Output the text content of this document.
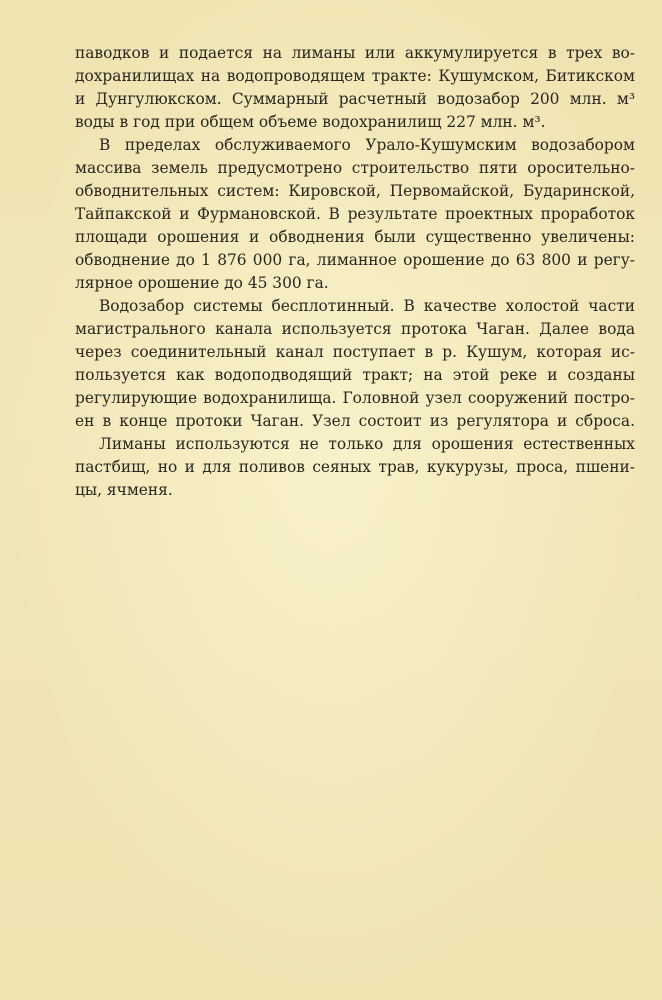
паводков и подается на лиманы или аккумулируется в трех во-
дохранилищах на водопроводящем тракте: Кушумском, Битикском
и Дунгулюкском. Суммарный расчетный водозабор 200 млн. м³
воды в год при общем объеме водохранилищ 227 млн. м³.
В пределах обслуживаемого Урало-Кушумским водозабором
массива земель предусмотрено строительство пяти оросительно-
обводнительных систем: Кировской, Первомайской, Бударинской,
Тайпакской и Фурмановской. В результате проектных проработок
площади орошения и обводнения были существенно увеличены:
обводнение до 1 876 000 га, лиманное орошение до 63 800 и регу-
лярное орошение до 45 300 га.
Водозабор системы бесплотинный. В качестве холостой части
магистрального канала используется протока Чаган. Далее вода
через соединительный канал поступает в р. Кушум, которая ис-
пользуется как водоподводящий тракт; на этой реке и созданы
регулирующие водохранилища. Головной узел сооружений постро-
ен в конце протоки Чаган. Узел состоит из регулятора и сброса.
Лиманы используются не только для орошения естественных
пастбищ, но и для поливов сеяных трав, кукурузы, проса, пшени-
цы, ячменя.
